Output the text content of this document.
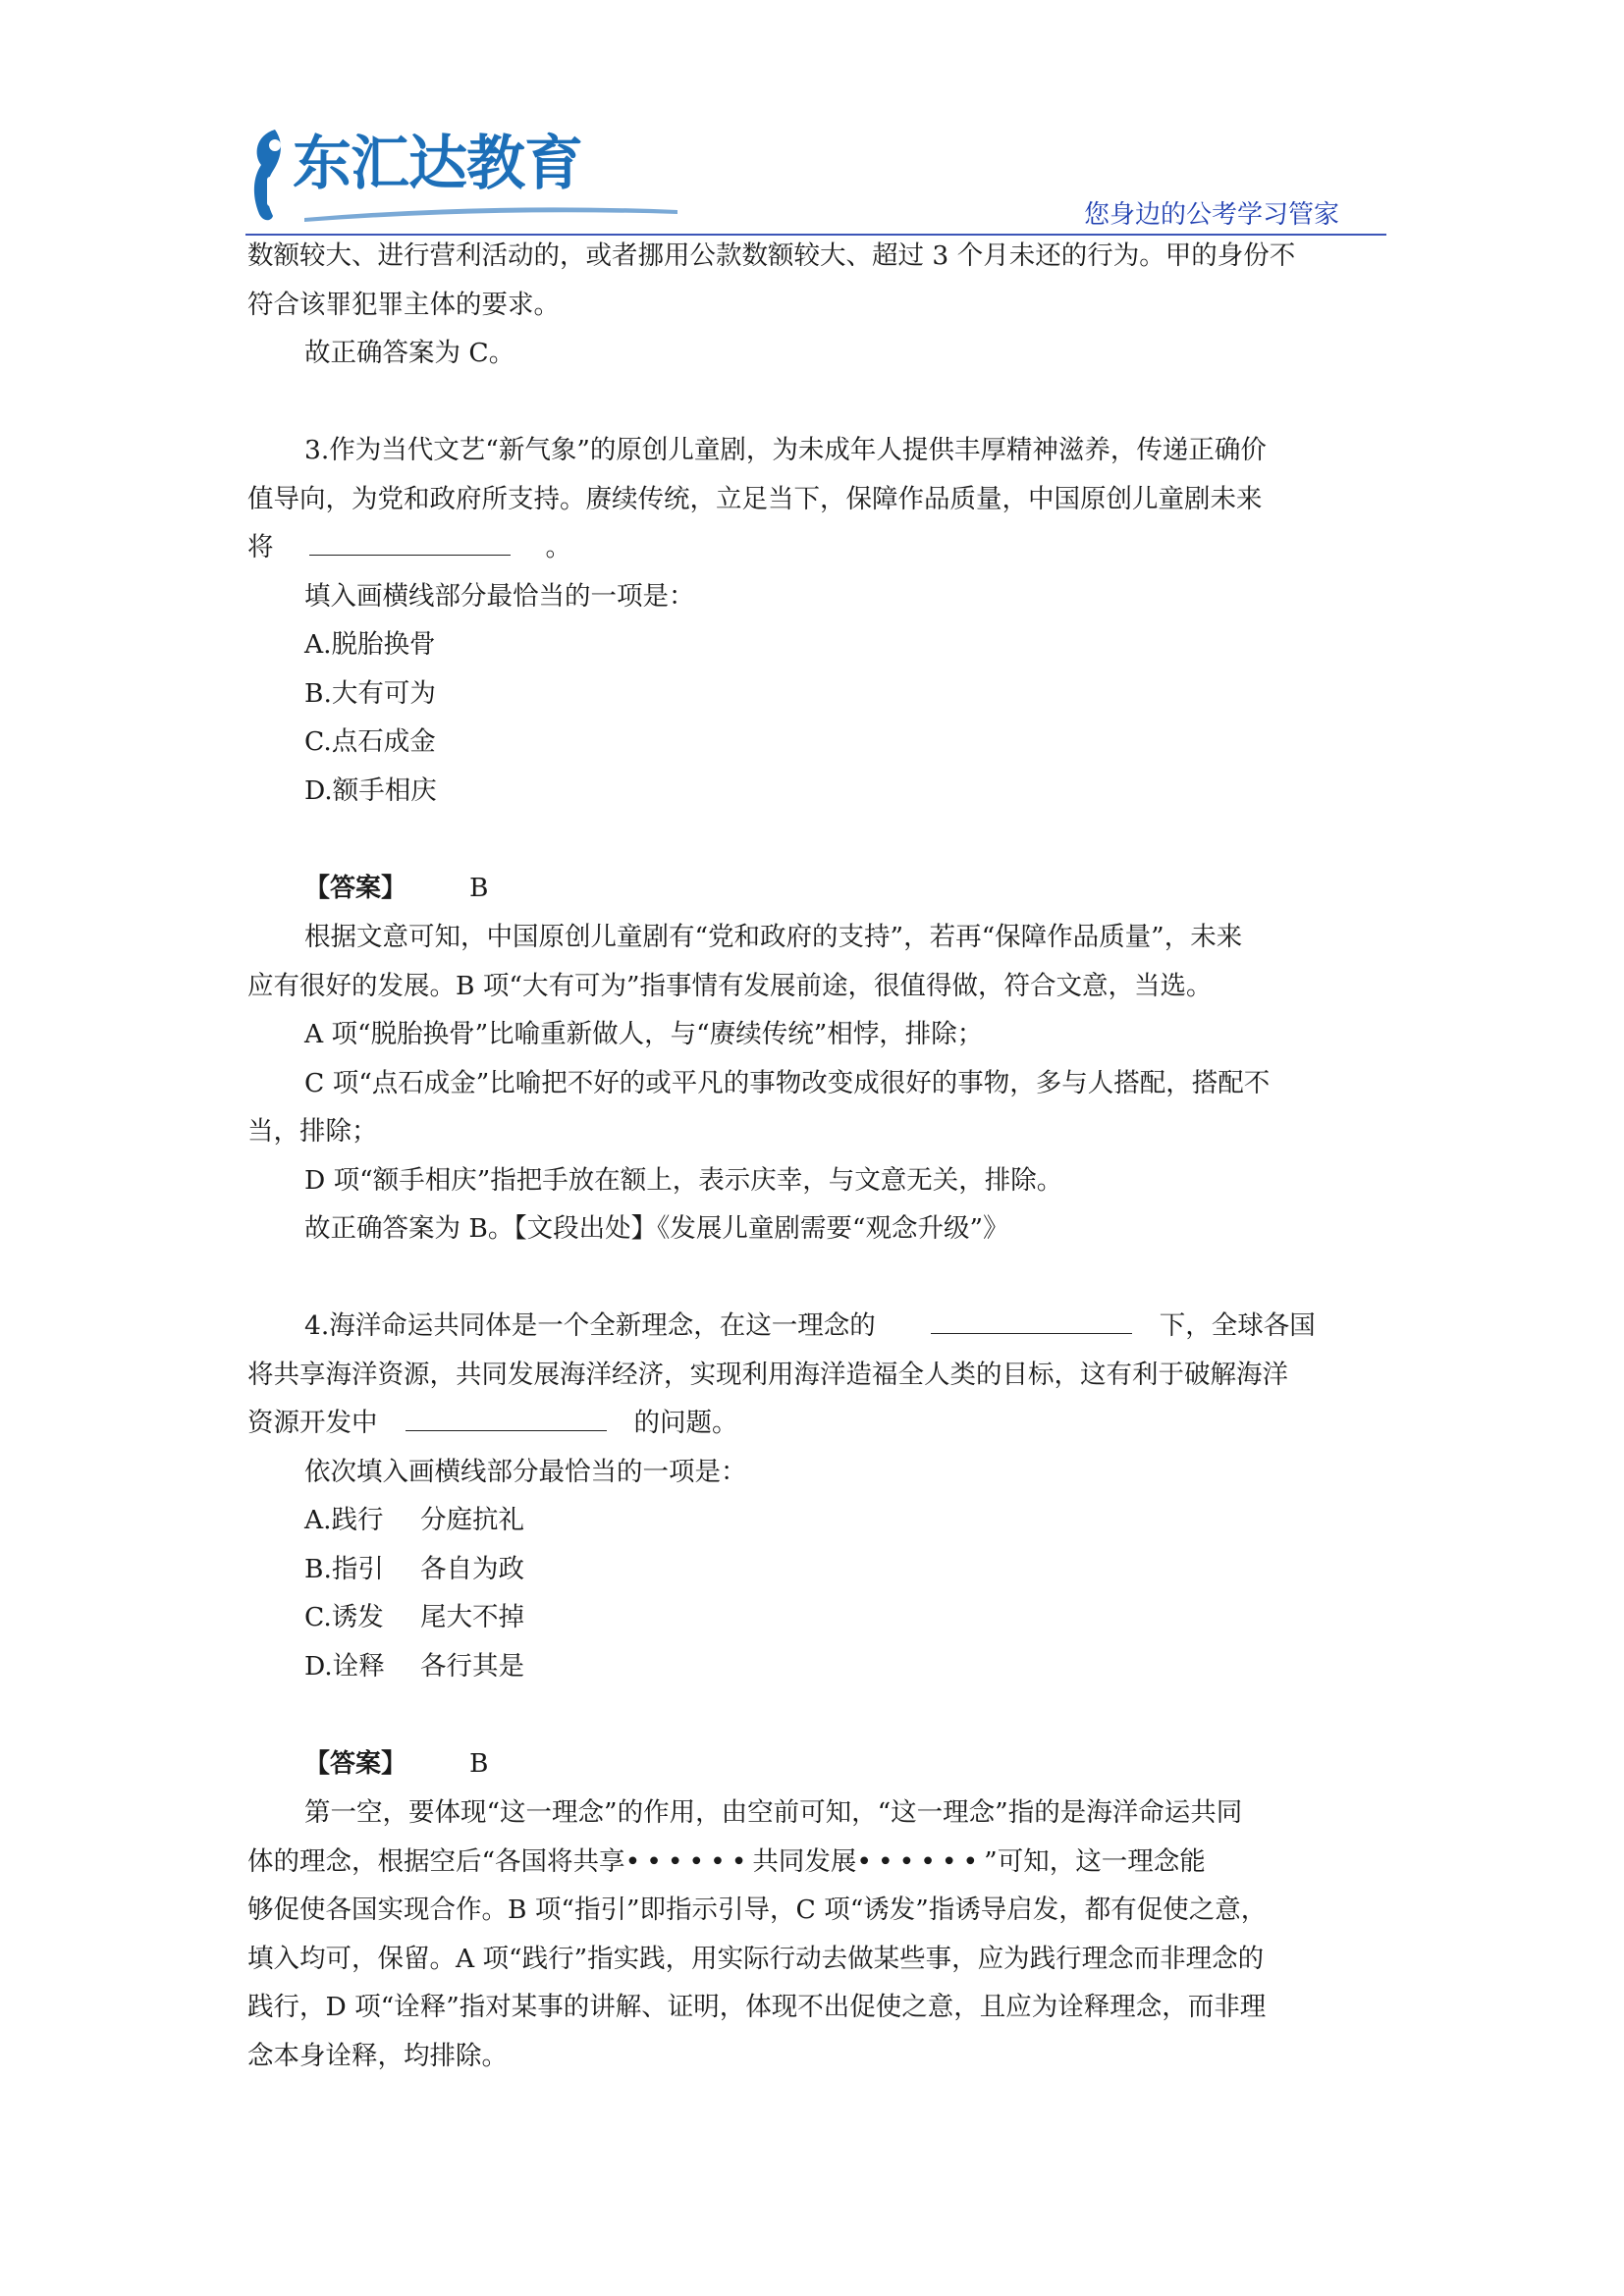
东汇达教育
您身边的公考学习管家

数额较大、进行营利活动的，或者挪用公款数额较大、超过 3 个月未还的行为。甲的身份不

符合该罪犯罪主体的要求。

故正确答案为 C。

3.作为当代文艺“新气象”的原创儿童剧，为未成年人提供丰厚精神滋养，传递正确价

值导向，为党和政府所支持。赓续传统，立足当下，保障作品质量，中国原创儿童剧未来

将	。

填入画横线部分最恰当的一项是：

A.脱胎换骨

B.大有可为

C.点石成金

D.额手相庆

【答案】 B

根据文意可知，中国原创儿童剧有“党和政府的支持”，若再“保障作品质量”，未来

应有很好的发展。B 项“大有可为”指事情有发展前途，很值得做，符合文意，当选。

A 项“脱胎换骨”比喻重新做人，与“赓续传统”相悖，排除；

C 项“点石成金”比喻把不好的或平凡的事物改变成很好的事物，多与人搭配，搭配不

当，排除；

D 项“额手相庆”指把手放在额上，表示庆幸，与文意无关，排除。

故正确答案为 B。【文段出处】《发展儿童剧需要“观念升级”》

4.海洋命运共同体是一个全新理念，在这一理念的	下，全球各国

将共享海洋资源，共同发展海洋经济，实现利用海洋造福全人类的目标，这有利于破解海洋

资源开发中	的问题。

依次填入画横线部分最恰当的一项是：

A.践行 分庭抗礼

B.指引 各自为政

C.诱发 尾大不掉

D.诠释 各行其是

【答案】 B

第一空，要体现“这一理念”的作用，由空前可知，“这一理念”指的是海洋命运共同

体的理念，根据空后“各国将共享••••••共同发展••••••”可知，这一理念能

够促使各国实现合作。B 项“指引”即指示引导，C 项“诱发”指诱导启发，都有促使之意，

填入均可，保留。A 项“践行”指实践，用实际行动去做某些事，应为践行理念而非理念的

践行，D 项“诠释”指对某事的讲解、证明，体现不出促使之意，且应为诠释理念，而非理

念本身诠释，均排除。
